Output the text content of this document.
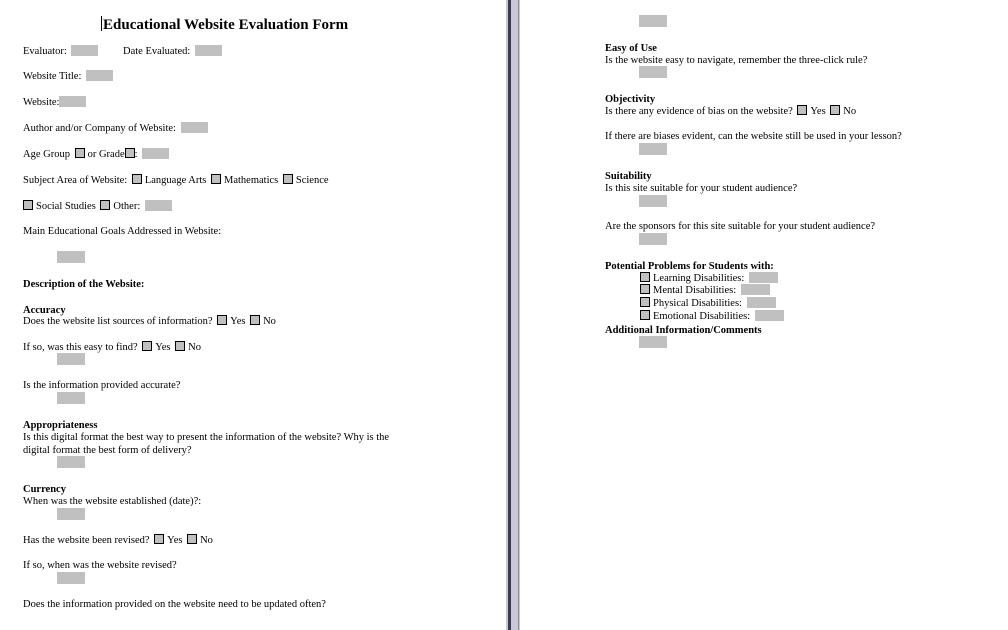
Educational Website Evaluation Form
Evaluator:	Date Evaluated:
Website Title:
Website:
Author and/or Company of Website:
Age Group or Grade :
Subject Area of Website: Language Arts Mathematics Science
Social Studies Other:
Main Educational Goals Addressed in Website:
Description of the Website:
Accuracy
Does the website list sources of information? Yes No
If so, was this easy to find? Yes No
Is the information provided accurate?
Appropriateness
Is this digital format the best way to present the information of the website? Why is the
digital format the best form of delivery?
Currency
When was the website established (date)?:
Has the website been revised? Yes No
If so, when was the website revised?
Does the information provided on the website need to be updated often?
Easy of Use
Is the website easy to navigate, remember the three-click rule?
Objectivity
Is there any evidence of bias on the website? Yes No
If there are biases evident, can the website still be used in your lesson?
Suitability
Is this site suitable for your student audience?
Are the sponsors for this site suitable for your student audience?
Potential Problems for Students with:
Learning Disabilities:
Mental Disabilities:
Physical Disabilities:
Emotional Disabilities:
Additional Information/Comments
